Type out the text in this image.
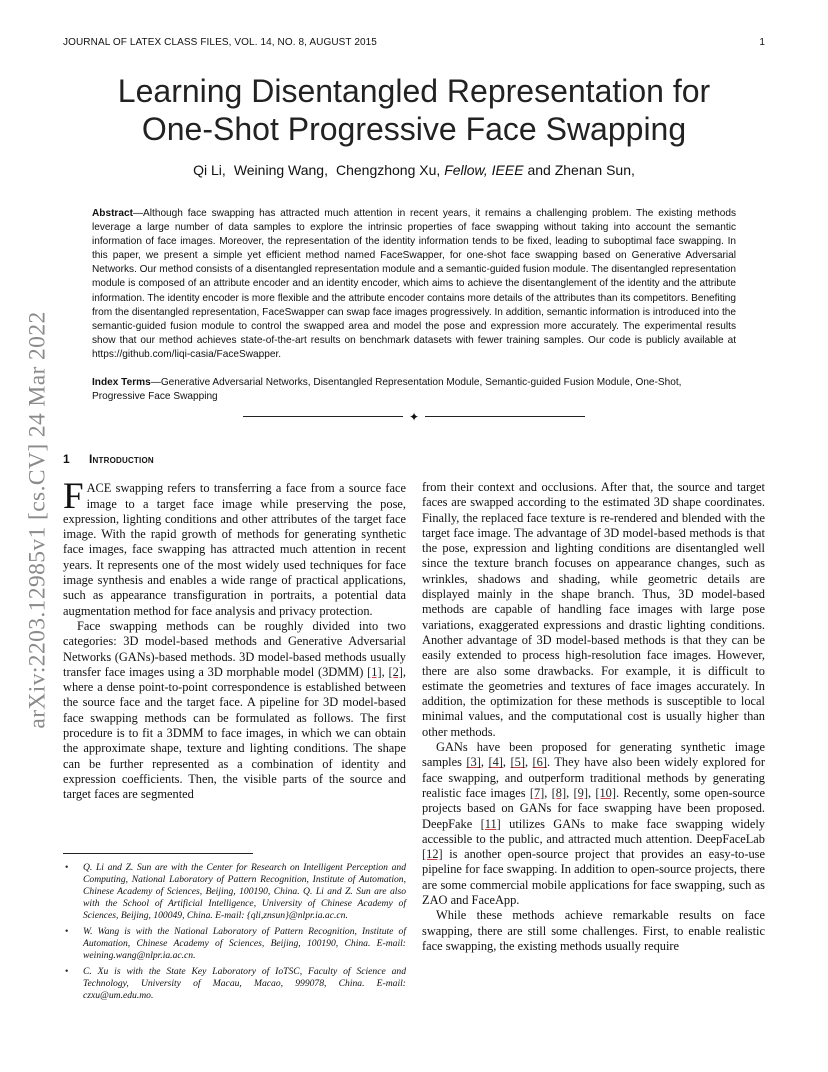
JOURNAL OF LATEX CLASS FILES, VOL. 14, NO. 8, AUGUST 2015	1
arXiv:2203.12985v1 [cs.CV] 24 Mar 2022
Learning Disentangled Representation for
One-Shot Progressive Face Swapping
Qi Li, Weining Wang, Chengzhong Xu, Fellow, IEEE and Zhenan Sun,
Abstract—Although face swapping has attracted much attention in recent years, it remains a challenging problem. The existing methods leverage a large number of data samples to explore the intrinsic properties of face swapping without taking into account the semantic information of face images. Moreover, the representation of the identity information tends to be fixed, leading to suboptimal face swapping. In this paper, we present a simple yet efficient method named FaceSwapper, for one-shot face swapping based on Generative Adversarial Networks. Our method consists of a disentangled representation module and a semantic-guided fusion module. The disentangled representation module is composed of an attribute encoder and an identity encoder, which aims to achieve the disentanglement of the identity and the attribute information. The identity encoder is more flexible and the attribute encoder contains more details of the attributes than its competitors. Benefiting from the disentangled representation, FaceSwapper can swap face images progressively. In addition, semantic information is introduced into the semantic-guided fusion module to control the swapped area and model the pose and expression more accurately. The experimental results show that our method achieves state-of-the-art results on benchmark datasets with fewer training samples. Our code is publicly available at https://github.com/liqi-casia/FaceSwapper.
Index Terms—Generative Adversarial Networks, Disentangled Representation Module, Semantic-guided Fusion Module, One-Shot, Progressive Face Swapping
✦
1 Introduction

FACE swapping refers to transferring a face from a source face image to a target face image while preserving the pose, expression, lighting conditions and other attributes of the target face image. With the rapid growth of methods for generating synthetic face images, face swapping has attracted much attention in recent years. It represents one of the most widely used techniques for face image synthesis and enables a wide range of practical applications, such as appearance transfiguration in portraits, a potential data augmentation method for face analysis and privacy protection.

Face swapping methods can be roughly divided into two categories: 3D model-based methods and Generative Adversarial Networks (GANs)-based methods. 3D model-based methods usually transfer face images using a 3D morphable model (3DMM) [1], [2], where a dense point-to-point correspondence is established between the source face and the target face. A pipeline for 3D model-based face swapping methods can be formulated as follows. The first procedure is to fit a 3DMM to face images, in which we can obtain the approximate shape, texture and lighting conditions. The shape can be further represented as a combination of identity and expression coefficients. Then, the visible parts of the source and target faces are segmented

• Q. Li and Z. Sun are with the Center for Research on Intelligent Perception and Computing, National Laboratory of Pattern Recognition, Institute of Automation, Chinese Academy of Sciences, Beijing, 100190, China. Q. Li and Z. Sun are also with the School of Artificial Intelligence, University of Chinese Academy of Sciences, Beijing, 100049, China. E-mail: {qli,znsun}@nlpr.ia.ac.cn.
• W. Wang is with the National Laboratory of Pattern Recognition, Institute of Automation, Chinese Academy of Sciences, Beijing, 100190, China. E-mail: weining.wang@nlpr.ia.ac.cn.
• C. Xu is with the State Key Laboratory of IoTSC, Faculty of Science and Technology, University of Macau, Macao, 999078, China. E-mail: czxu@um.edu.mo.

from their context and occlusions. After that, the source and target faces are swapped according to the estimated 3D shape coordinates. Finally, the replaced face texture is re-rendered and blended with the target face image. The advantage of 3D model-based methods is that the pose, expression and lighting conditions are disentangled well since the texture branch focuses on appearance changes, such as wrinkles, shadows and shading, while geometric details are displayed mainly in the shape branch. Thus, 3D model-based methods are capable of handling face images with large pose variations, exaggerated expressions and drastic lighting conditions. Another advantage of 3D model-based methods is that they can be easily extended to process high-resolution face images. However, there are also some drawbacks. For example, it is difficult to estimate the geometries and textures of face images accurately. In addition, the optimization for these methods is susceptible to local minimal values, and the computational cost is usually higher than other methods.

GANs have been proposed for generating synthetic image samples [3], [4], [5], [6]. They have also been widely explored for face swapping, and outperform traditional methods by generating realistic face images [7], [8], [9], [10]. Recently, some open-source projects based on GANs for face swapping have been proposed. DeepFake [11] utilizes GANs to make face swapping widely accessible to the public, and attracted much attention. DeepFaceLab [12] is another open-source project that provides an easy-to-use pipeline for face swapping. In addition to open-source projects, there are some commercial mobile applications for face swapping, such as ZAO and FaceApp.

While these methods achieve remarkable results on face swapping, there are still some challenges. First, to enable realistic face swapping, the existing methods usually require
